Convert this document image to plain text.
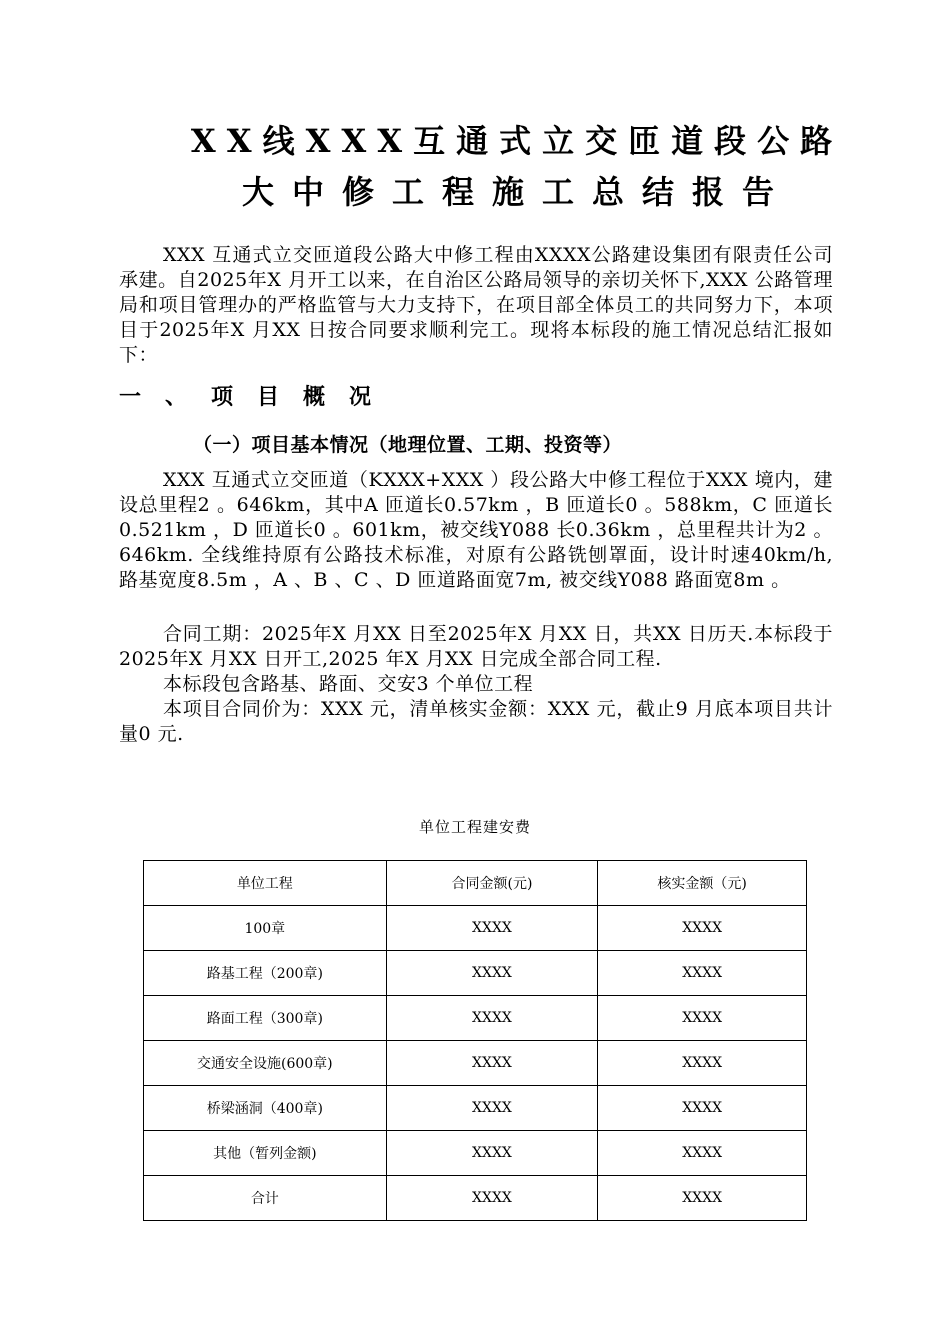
XX线XXX互通式立交匝道段公路
大中修工程施工总结报告
XXX 互通式立交匝道段公路大中修工程由XXXX公路建设集团有限责任公司承建。自2025年X 月开工以来，在自治区公路局领导的亲切关怀下,XXX 公路管理局和项目管理办的严格监管与大力支持下，在项目部全体员工的共同努力下，本项目于2025年X 月XX 日按合同要求顺利完工。现将本标段的施工情况总结汇报如下：
一、项目概况
（一）项目基本情况（地理位置、工期、投资等）
XXX 互通式立交匝道（KXXX+XXX ）段公路大中修工程位于XXX 境内，建设总里程2 。646km，其中A 匝道长0.57km ，B 匝道长0 。588km，C 匝道长0.521km ，D 匝道长0 。601km，被交线Y088 长0.36km ，总里程共计为2 。646km. 全线维持原有公路技术标准，对原有公路铣刨罩面，设计时速40km/h, 路基宽度8.5m ，A 、B 、C 、D 匝道路面宽7m, 被交线Y088 路面宽8m 。
合同工期：2025年X 月XX 日至2025年X 月XX 日，共XX 日历天.本标段于2025年X 月XX 日开工,2025 年X 月XX 日完成全部合同工程.
本标段包含路基、路面、交安3 个单位工程
本项目合同价为：XXX 元，清单核实金额：XXX 元，截止9 月底本项目共计量0 元.
单位工程建安费
单位工程	合同金额(元)	核实金额（元)
100章	XXXX	XXXX
路基工程（200章)	XXXX	XXXX
路面工程（300章)	XXXX	XXXX
交通安全设施(600章)	XXXX	XXXX
桥梁涵洞（400章)	XXXX	XXXX
其他（暂列金额)	XXXX	XXXX
合计	XXXX	XXXX
